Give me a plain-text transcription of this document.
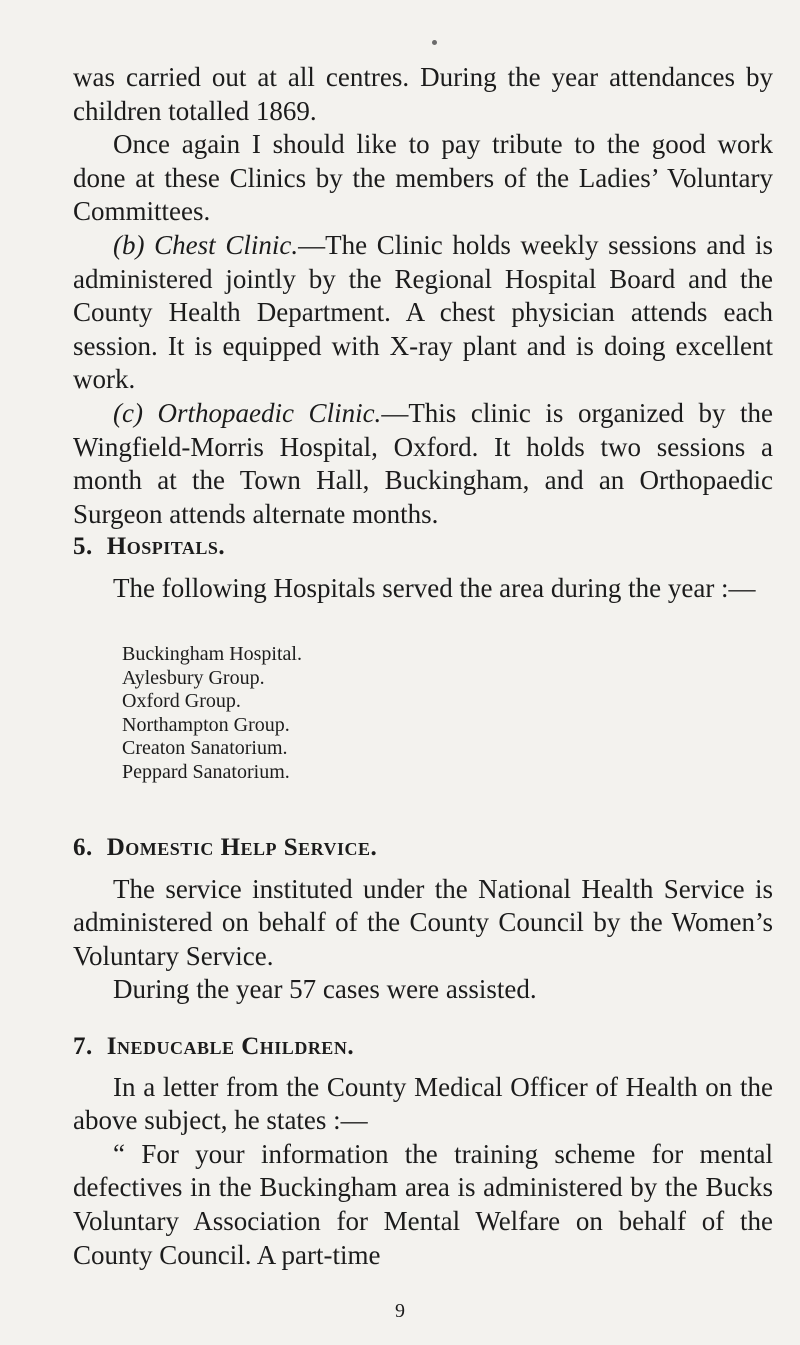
was carried out at all centres. During the year attendances by children totalled 1869.

Once again I should like to pay tribute to the good work done at these Clinics by the members of the Ladies’ Voluntary Committees.

(b) Chest Clinic.—The Clinic holds weekly sessions and is administered jointly by the Regional Hospital Board and the County Health Department. A chest physician attends each session. It is equipped with X-ray plant and is doing excellent work.

(c) Orthopaedic Clinic.—This clinic is organized by the Wingfield-Morris Hospital, Oxford. It holds two sessions a month at the Town Hall, Buckingham, and an Orthopaedic Surgeon attends alternate months.

5. Hospitals.

The following Hospitals served the area during the year :—

Buckingham Hospital.
Aylesbury Group.
Oxford Group.
Northampton Group.
Creaton Sanatorium.
Peppard Sanatorium.
6. Domestic Help Service.

The service instituted under the National Health Service is administered on behalf of the County Council by the Women’s Voluntary Service.

During the year 57 cases were assisted.

7. Ineducable Children.

In a letter from the County Medical Officer of Health on the above subject, he states :—

“ For your information the training scheme for mental defectives in the Buckingham area is administered by the Bucks Voluntary Association for Mental Welfare on behalf of the County Council. A part-time

9
